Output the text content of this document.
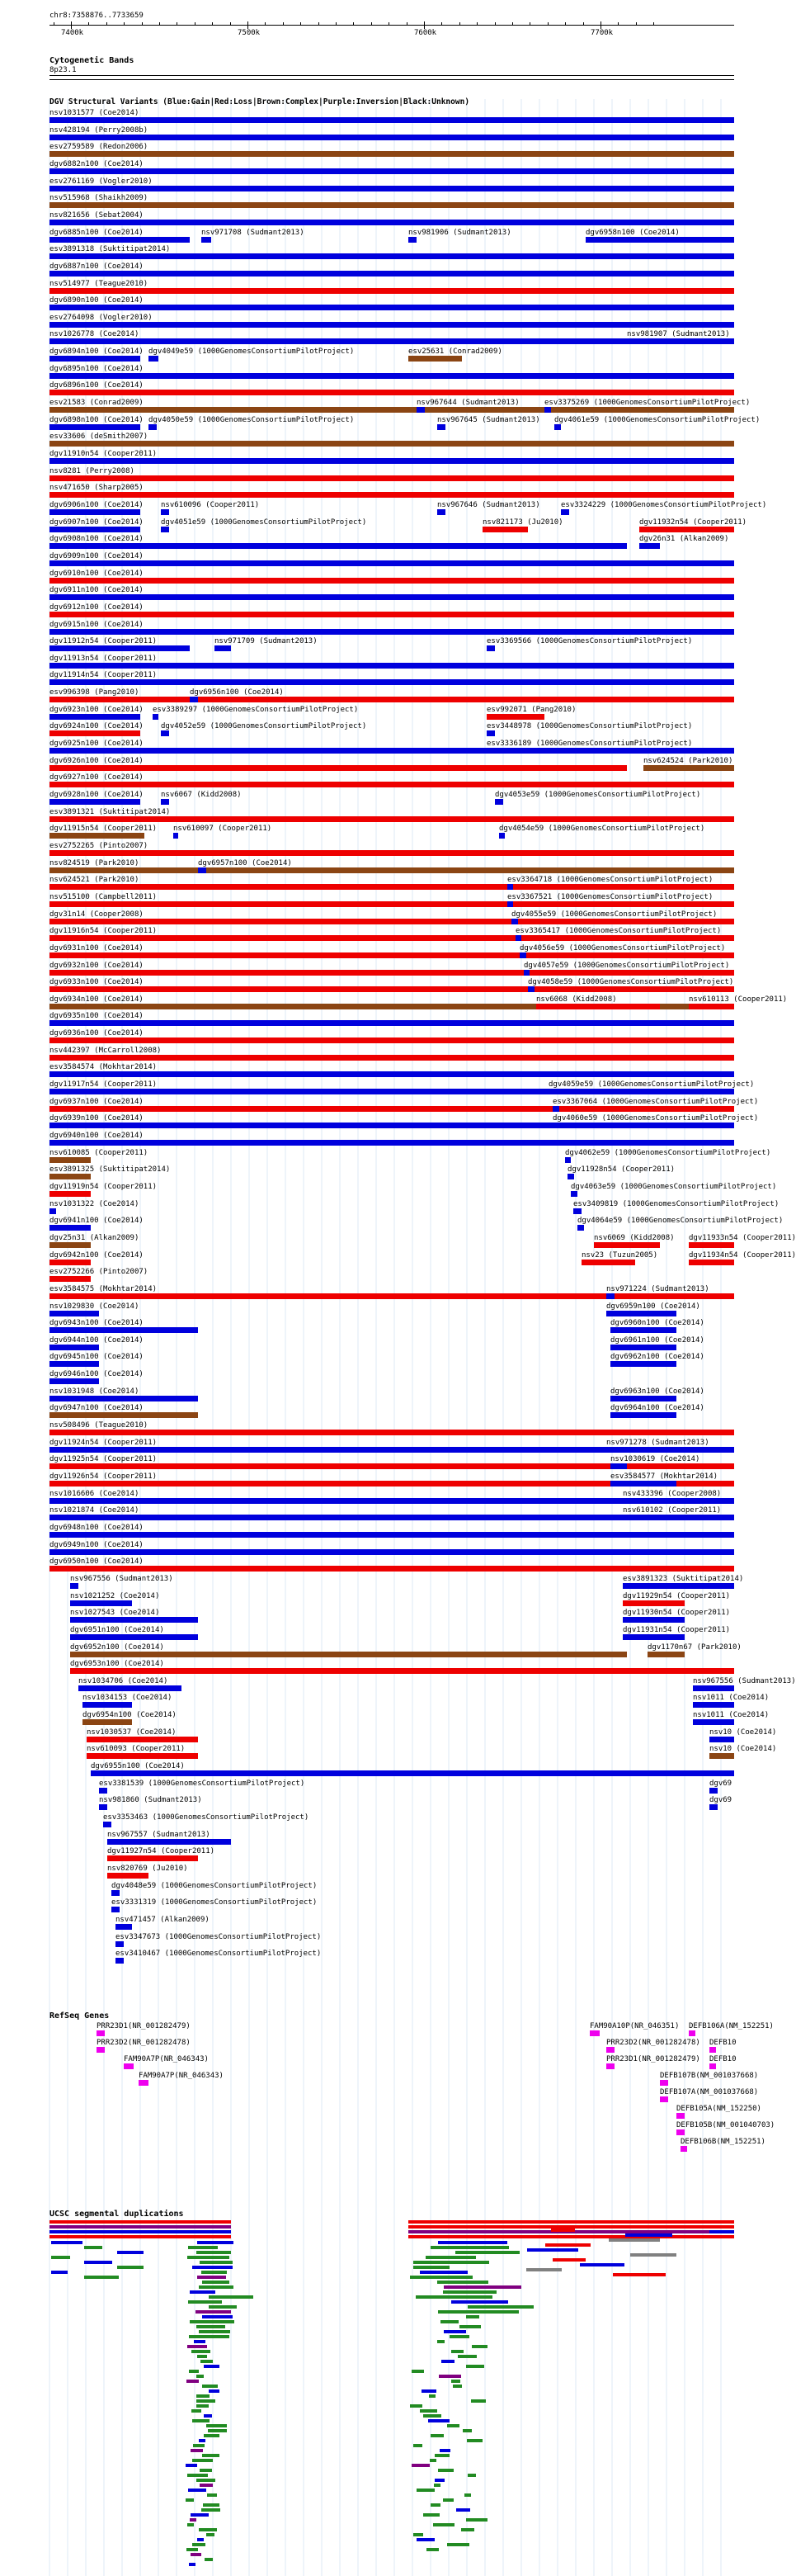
chr8:7358876..7733659
7400k	7500k	7600k	7700k
Cytogenetic Bands
8p23.1
DGV Structural Variants (Blue:Gain|Red:Loss|Brown:Complex|Purple:Inversion|Black:Unknown)
nsv1031577 (Coe2014)
nsv428194 (Perry2008b)
esv2759589 (Redon2006)
dgv6882n100 (Coe2014)
esv2761169 (Vogler2010)
nsv515968 (Shaikh2009)
nsv821656 (Sebat2004)
dgv6885n100 (Coe2014)	nsv971708 (Sudmant2013)	nsv981906 (Sudmant2013)	dgv6958n100 (Coe2014)
esv3891318 (Suktitipat2014)
dgv6887n100 (Coe2014)
nsv514977 (Teague2010)
dgv6890n100 (Coe2014)
esv2764098 (Vogler2010)
nsv1026778 (Coe2014)	nsv981907 (Sudmant2013)
dgv6894n100 (Coe2014) dgv4049e59 (1000GenomesConsortiumPilotProject)	esv25631 (Conrad2009)
dgv6895n100 (Coe2014)
dgv6896n100 (Coe2014)
esv21583 (Conrad2009)	nsv967644 (Sudmant2013)	esv3375269 (1000GenomesConsortiumPilotProject)
dgv6898n100 (Coe2014) dgv4050e59 (1000GenomesConsortiumPilotProject)	nsv967645 (Sudmant2013) dgv4061e59 (1000GenomesConsortiumPilotProject)
esv33606 (deSmith2007)
dgv11910n54 (Cooper2011)
nsv8281 (Perry2008)
nsv471650 (Sharp2005)
dgv6906n100 (Coe2014) nsv610096 (Cooper2011)	nsv967646 (Sudmant2013)	esv3324229 (1000GenomesConsortiumPilotProject)
dgv6907n100 (Coe2014) dgv4051e59 (1000GenomesConsortiumPilotProject)	nsv821173 (Ju2010)	dgv11932n54 (Cooper2011)
dgv6908n100 (Coe2014)	dgv26n31 (Alkan2009)
dgv6909n100 (Coe2014)
dgv6910n100 (Coe2014)
dgv6911n100 (Coe2014)
dgv6912n100 (Coe2014)
dgv6915n100 (Coe2014)
dgv11912n54 (Cooper2011)	nsv971709 (Sudmant2013)	esv3369566 (1000GenomesConsortiumPilotProject)
dgv11913n54 (Cooper2011)
dgv11914n54 (Cooper2011)
esv996398 (Pang2010)	dgv6956n100 (Coe2014)
dgv6923n100 (Coe2014) esv3389297 (1000GenomesConsortiumPilotProject)	esv992071 (Pang2010)
dgv6924n100 (Coe2014) dgv4052e59 (1000GenomesConsortiumPilotProject)	esv3448978 (1000GenomesConsortiumPilotProject)
dgv6925n100 (Coe2014)	esv3336189 (1000GenomesConsortiumPilotProject)
dgv6926n100 (Coe2014)	nsv624524 (Park2010)
dgv6927n100 (Coe2014)
dgv6928n100 (Coe2014) nsv6067 (Kidd2008)	dgv4053e59 (1000GenomesConsortiumPilotProject)
esv3891321 (Suktitipat2014)
dgv11915n54 (Cooper2011) nsv610097 (Cooper2011)	dgv4054e59 (1000GenomesConsortiumPilotProject)
esv2752265 (Pinto2007)
nsv824519 (Park2010)	dgv6957n100 (Coe2014)
nsv624521 (Park2010)	esv3364718 (1000GenomesConsortiumPilotProject)
nsv515100 (Campbell2011)	esv3367521 (1000GenomesConsortiumPilotProject)
dgv31n14 (Cooper2008)	dgv4055e59 (1000GenomesConsortiumPilotProject)
dgv11916n54 (Cooper2011)	esv3365417 (1000GenomesConsortiumPilotProject)
dgv6931n100 (Coe2014)	dgv4056e59 (1000GenomesConsortiumPilotProject)
dgv6932n100 (Coe2014)	dgv4057e59 (1000GenomesConsortiumPilotProject)
dgv6933n100 (Coe2014)	dgv4058e59 (1000GenomesConsortiumPilotProject)
dgv6934n100 (Coe2014)	nsv6068 (Kidd2008)	nsv610113 (Cooper2011)
dgv6935n100 (Coe2014)
dgv6936n100 (Coe2014)
nsv442397 (McCarroll2008)
esv3584574 (Mokhtar2014)
dgv11917n54 (Cooper2011)	dgv4059e59 (1000GenomesConsortiumPilotProject)
dgv6937n100 (Coe2014)	esv3367064 (1000GenomesConsortiumPilotProject)
dgv6939n100 (Coe2014)	dgv4060e59 (1000GenomesConsortiumPilotProject)
dgv6940n100 (Coe2014)
nsv610085 (Cooper2011)	dgv4062e59 (1000GenomesConsortiumPilotProject)
esv3891325 (Suktitipat2014)	dgv11928n54 (Cooper2011)
dgv11919n54 (Cooper2011)	dgv4063e59 (1000GenomesConsortiumPilotProject)
nsv1031322 (Coe2014)	esv3409819 (1000GenomesConsortiumPilotProject)
dgv6941n100 (Coe2014)	dgv4064e59 (1000GenomesConsortiumPilotProject)
dgv25n31 (Alkan2009)	nsv6069 (Kidd2008) dgv11933n54 (Cooper2011)
dgv6942n100 (Coe2014)	nsv23 (Tuzun2005)	dgv11934n54 (Cooper2011)
esv2752266 (Pinto2007)
esv3584575 (Mokhtar2014)	nsv971224 (Sudmant2013)
nsv1029830 (Coe2014)	dgv6959n100 (Coe2014)
dgv6943n100 (Coe2014)	dgv6960n100 (Coe2014)
dgv6944n100 (Coe2014)	dgv6961n100 (Coe2014)
dgv6945n100 (Coe2014)	dgv6962n100 (Coe2014)
dgv6946n100 (Coe2014)
nsv1031948 (Coe2014)	dgv6963n100 (Coe2014)
dgv6947n100 (Coe2014)	dgv6964n100 (Coe2014)
nsv508496 (Teague2010)
dgv11924n54 (Cooper2011)	nsv971278 (Sudmant2013)
dgv11925n54 (Cooper2011)	nsv1030619 (Coe2014)
dgv11926n54 (Cooper2011)	esv3584577 (Mokhtar2014)
nsv1016606 (Coe2014)	nsv433396 (Cooper2008)
nsv1021874 (Coe2014)	nsv610102 (Cooper2011)
dgv6948n100 (Coe2014)
dgv6949n100 (Coe2014)
dgv6950n100 (Coe2014)
nsv967556 (Sudmant2013)	esv3891323 (Suktitipat2014)
nsv1021252 (Coe2014)	dgv11929n54 (Cooper2011)
nsv1027543 (Coe2014)	dgv11930n54 (Cooper2011)
dgv6951n100 (Coe2014)	dgv11931n54 (Cooper2011)
dgv6952n100 (Coe2014)	dgv1170n67 (Park2010)
dgv6953n100 (Coe2014)
nsv1034706 (Coe2014)	nsv967556 (Sudmant2013)
nsv1034153 (Coe2014)	nsv1011 (Coe2014)
dgv6954n100 (Coe2014)	nsv1011 (Coe2014)
nsv1030537 (Coe2014)	nsv10 (Coe2014)
nsv610093 (Cooper2011)	nsv10 (Coe2014)
dgv6955n100 (Coe2014)
esv3381539 (1000GenomesConsortiumPilotProject)	dgv69
nsv981860 (Sudmant2013)	dgv69
esv3353463 (1000GenomesConsortiumPilotProject)
nsv967557 (Sudmant2013)
dgv11927n54 (Cooper2011)
nsv820769 (Ju2010)
dgv4048e59 (1000GenomesConsortiumPilotProject)
esv3331319 (1000GenomesConsortiumPilotProject)
nsv471457 (Alkan2009)
esv3347673 (1000GenomesConsortiumPilotProject)
esv3410467 (1000GenomesConsortiumPilotProject)
RefSeq Genes
PRR23D1(NR_001282479)	FAM90A10P(NR_046351) DEFB106A(NM_152251)
PRR23D2(NR_001282478)	PRR23D2(NR_001282478) DEFB10
FAM90A7P(NR_046343)	PRR23D1(NR_001282479) DEFB10
FAM90A7P(NR_046343)	DEFB107B(NM_001037668)
DEFB107A(NM_001037668)
DEFB105A(NM_152250)
DEFB105B(NM_001040703)
DEFB106B(NM_152251)
UCSC segmental duplications
